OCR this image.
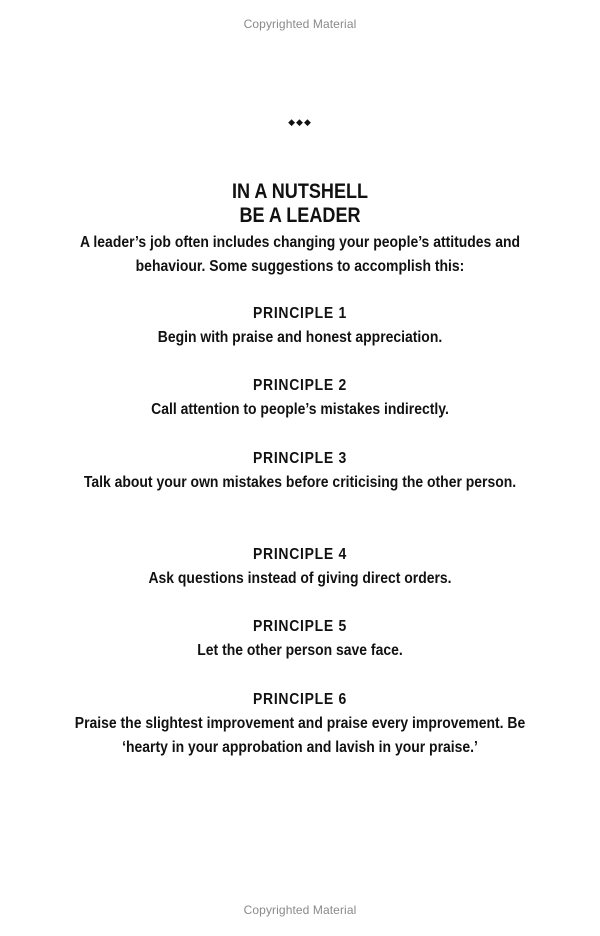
Copyrighted Material
◆◆◆
IN A NUTSHELL
BE A LEADER
A leader’s job often includes changing your people’s attitudes and behaviour. Some suggestions to accomplish this:
PRINCIPLE 1
Begin with praise and honest appreciation.
PRINCIPLE 2
Call attention to people’s mistakes indirectly.
PRINCIPLE 3
Talk about your own mistakes before criticising the other person.
PRINCIPLE 4
Ask questions instead of giving direct orders.
PRINCIPLE 5
Let the other person save face.
PRINCIPLE 6
Praise the slightest improvement and praise every improvement. Be ‘hearty in your approbation and lavish in your praise.’
Copyrighted Material
